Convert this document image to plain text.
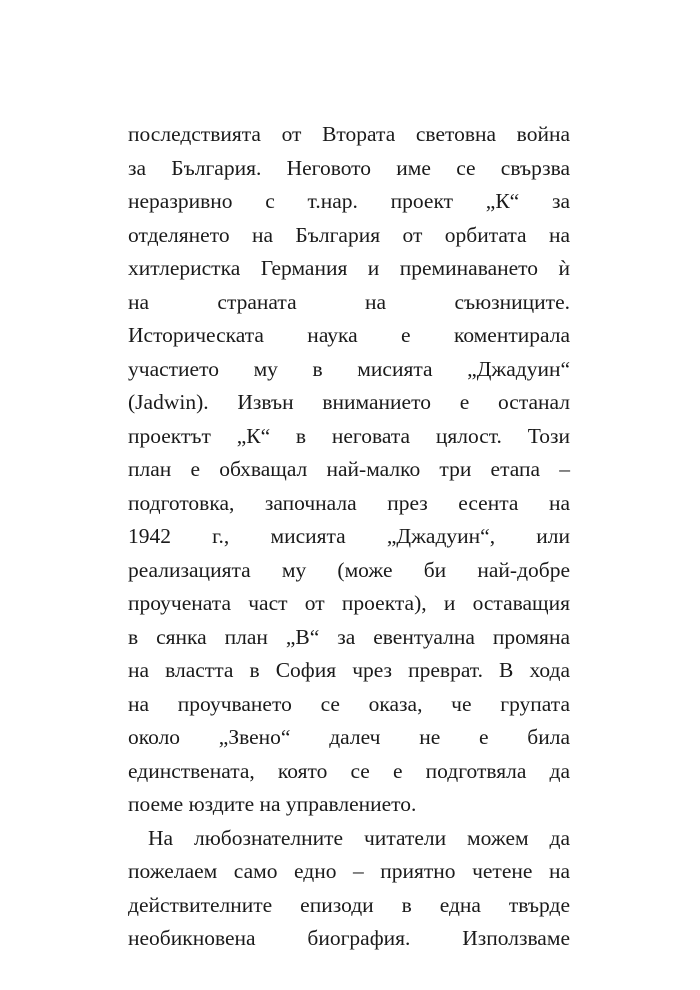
последствията от Втората световна война
за България. Неговото име се свързва
неразривно с т.нар. проект „К“ за
отделянето на България от орбитата на
хитлеристка Германия и преминаването ѝ
на страната на съюзниците.
Историческата наука е коментирала
участието му в мисията „Джадуин“
(Jadwin). Извън вниманието е останал
проектът „К“ в неговата цялост. Този
план е обхващал най-малко три етапа –
подготовка, започнала през есента на
1942 г., мисията „Джадуин“, или
реализацията му (може би най-добре
проучената част от проекта), и оставащия
в сянка план „В“ за евентуална промяна
на властта в София чрез преврат. В хода
на проучването се оказа, че групата
около „Звено“ далеч не е била
единствената, която се е подготвяла да
поеме юздите на управлението.
На любознателните читатели можем да
пожелаем само едно – приятно четене на
действителните епизоди в една твърде
необикновена биография. Използваме
